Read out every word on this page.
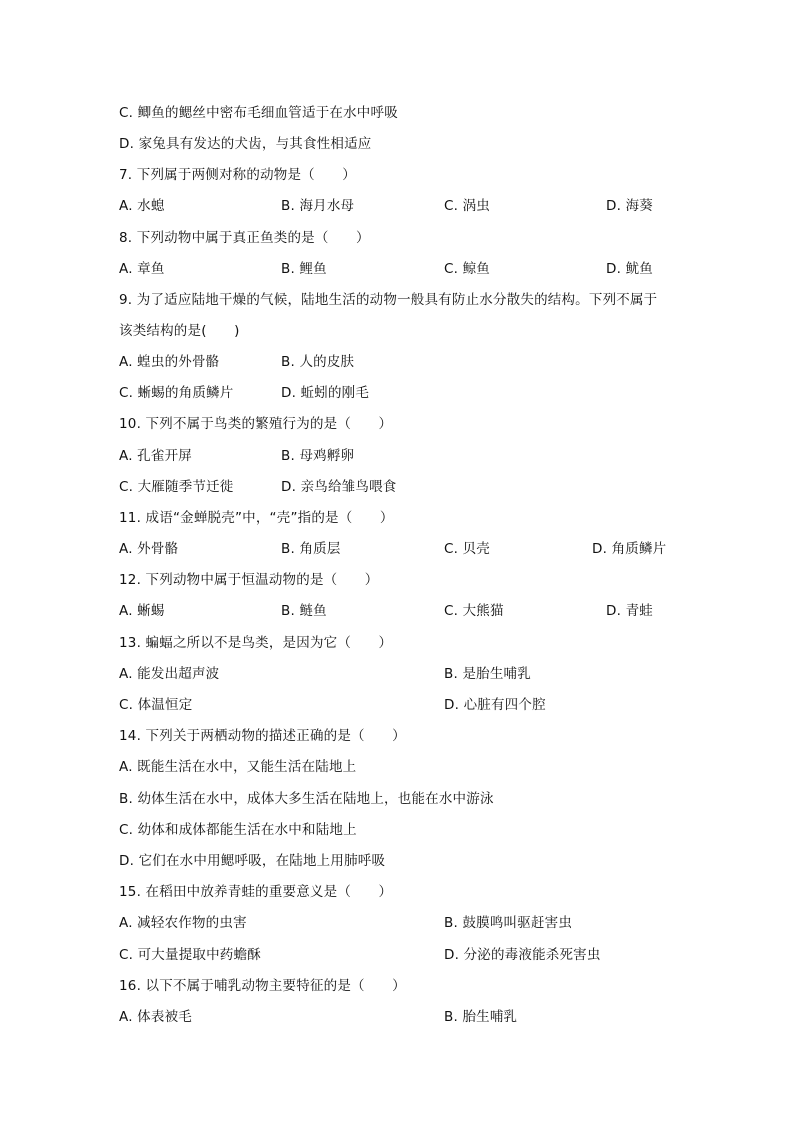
C. 鲫鱼的鳃丝中密布毛细血管适于在水中呼吸
D. 家兔具有发达的犬齿，与其食性相适应
7. 下列属于两侧对称的动物是（　　）
A. 水螅	B. 海月水母	C. 涡虫	D. 海葵
8. 下列动物中属于真正鱼类的是（　　）
A. 章鱼	B. 鲤鱼	C. 鲸鱼	D. 鱿鱼
9. 为了适应陆地干燥的气候，陆地生活的动物一般具有防止水分散失的结构。下列不属于
该类结构的是(　　)
A. 蝗虫的外骨骼	B. 人的皮肤
C. 蜥蜴的角质鳞片	D. 蚯蚓的刚毛
10. 下列不属于鸟类的繁殖行为的是（　　）
A. 孔雀开屏	B. 母鸡孵卵
C. 大雁随季节迁徙	D. 亲鸟给雏鸟喂食
11. 成语“金蝉脱壳”中，“壳”指的是（　　）
A. 外骨骼	B. 角质层	C. 贝壳	D. 角质鳞片
12. 下列动物中属于恒温动物的是（　　）
A. 蜥蜴	B. 鲢鱼	C. 大熊猫	D. 青蛙
13. 蝙蝠之所以不是鸟类，是因为它（　　）
A. 能发出超声波	B. 是胎生哺乳
C. 体温恒定	D. 心脏有四个腔
14. 下列关于两栖动物的描述正确的是（　　）
A. 既能生活在水中，又能生活在陆地上
B. 幼体生活在水中，成体大多生活在陆地上，也能在水中游泳
C. 幼体和成体都能生活在水中和陆地上
D. 它们在水中用鳃呼吸，在陆地上用肺呼吸
15. 在稻田中放养青蛙的重要意义是（　　）
A. 减轻农作物的虫害	B. 鼓膜鸣叫驱赶害虫
C. 可大量提取中药蟾酥	D. 分泌的毒液能杀死害虫
16. 以下不属于哺乳动物主要特征的是（　　）
A. 体表被毛	B. 胎生哺乳
